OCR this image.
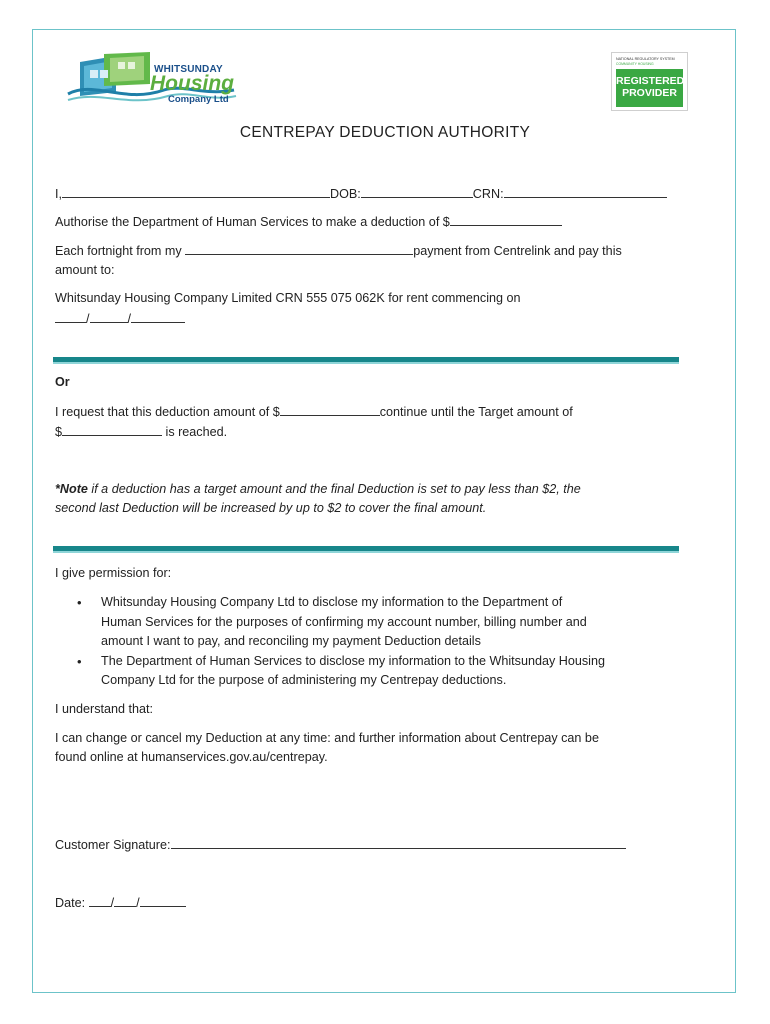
WHITSUNDAY
Housing
Company Ltd
NATIONAL REGULATORY SYSTEM
COMMUNITY HOUSING
REGISTERED
PROVIDER
CENTREPAY DEDUCTION AUTHORITY
I,	DOB:	CRN:
Authorise the Department of Human Services to make a deduction of $
Each fortnight from my	payment from Centrelink and pay this
amount to:
Whitsunday Housing Company Limited CRN 555 075 062K for rent commencing on
/	/
Or
I request that this deduction amount of $	continue until the Target amount of
$	is reached.
*Note if a deduction has a target amount and the final Deduction is set to pay less than $2, the
second last Deduction will be increased by up to $2 to cover the final amount.
I give permission for:
• Whitsunday Housing Company Ltd to disclose my information to the Department of
Human Services for the purposes of confirming my account number, billing number and
amount I want to pay, and reconciling my payment Deduction details
• The Department of Human Services to disclose my information to the Whitsunday Housing
Company Ltd for the purpose of administering my Centrepay deductions.
I understand that:
I can change or cancel my Deduction at any time: and further information about Centrepay can be
found online at humanservices.gov.au/centrepay.
Customer Signature:
Date: / /
